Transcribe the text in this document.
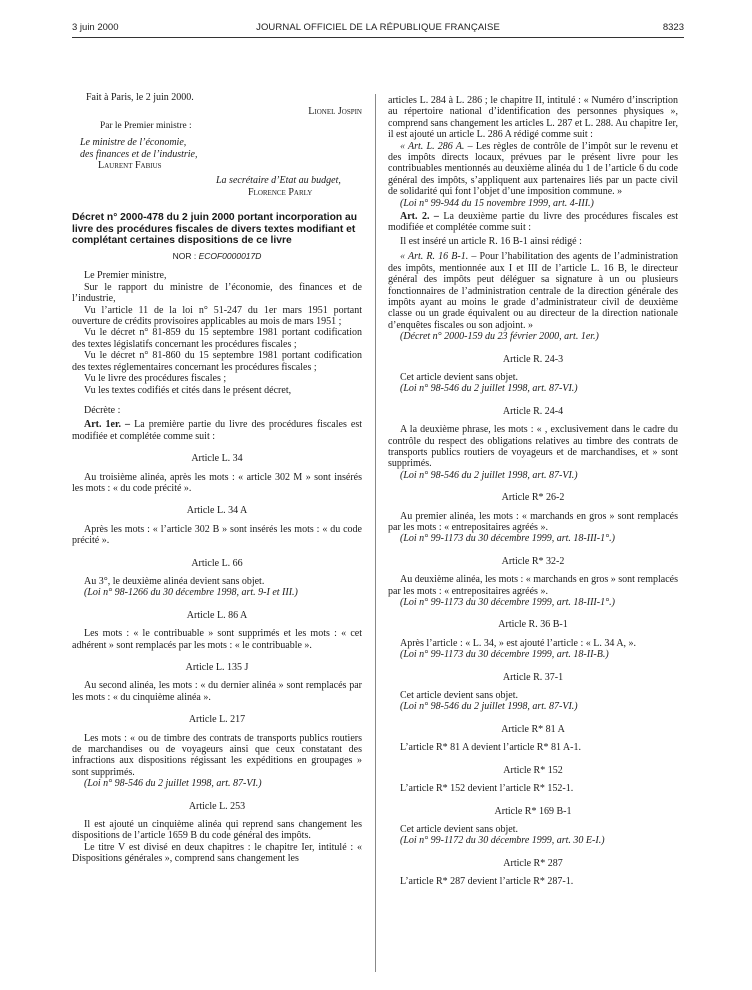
3 juin 2000	JOURNAL OFFICIEL DE LA RÉPUBLIQUE FRANÇAISE	8323

Fait à Paris, le 2 juin 2000.

Lionel Jospin

Par le Premier ministre :

Le ministre de l’économie,

des finances et de l’industrie,

Laurent Fabius

La secrétaire d’Etat au budget,

Florence Parly

Décret n° 2000-478 du 2 juin 2000 portant incorporation au livre des procédures fiscales de divers textes modifiant et complétant certaines dispositions de ce livre

NOR : ECOF0000017D

Le Premier ministre,

Sur le rapport du ministre de l’économie, des finances et de l’industrie,

Vu l’article 11 de la loi n° 51-247 du 1er mars 1951 portant ouverture de crédits provisoires applicables au mois de mars 1951 ;

Vu le décret n° 81-859 du 15 septembre 1981 portant codification des textes législatifs concernant les procédures fiscales ;

Vu le décret n° 81-860 du 15 septembre 1981 portant codification des textes réglementaires concernant les procédures fiscales ;

Vu le livre des procédures fiscales ;

Vu les textes codifiés et cités dans le présent décret,

Décrète :

Art. 1er. – La première partie du livre des procédures fiscales est modifiée et complétée comme suit :

Article L. 34

Au troisième alinéa, après les mots : « article 302 M » sont insérés les mots : « du code précité ».

Article L. 34 A

Après les mots : « l’article 302 B » sont insérés les mots : « du code précité ».

Article L. 66

Au 3°, le deuxième alinéa devient sans objet.

(Loi n° 98-1266 du 30 décembre 1998, art. 9-I et III.)

Article L. 86 A

Les mots : « le contribuable » sont supprimés et les mots : « cet adhérent » sont remplacés par les mots : « le contribuable ».

Article L. 135 J

Au second alinéa, les mots : « du dernier alinéa » sont remplacés par les mots : « du cinquième alinéa ».

Article L. 217

Les mots : « ou de timbre des contrats de transports publics routiers de marchandises ou de voyageurs ainsi que ceux constatant des infractions aux dispositions régissant les expéditions en groupages » sont supprimés.

(Loi n° 98-546 du 2 juillet 1998, art. 87-VI.)

Article L. 253

Il est ajouté un cinquième alinéa qui reprend sans changement les dispositions de l’article 1659 B du code général des impôts.

Le titre V est divisé en deux chapitres : le chapitre Ier, intitulé : « Dispositions générales », comprend sans changement les

articles L. 284 à L. 286 ; le chapitre II, intitulé : « Numéro d’inscription au répertoire national d’identification des personnes physiques », comprend sans changement les articles L. 287 et L. 288. Au chapitre Ier, il est ajouté un article L. 286 A rédigé comme suit :

« Art. L. 286 A. – Les règles de contrôle de l’impôt sur le revenu et des impôts directs locaux, prévues par le présent livre pour les contribuables mentionnés au deuxième alinéa du 1 de l’article 6 du code général des impôts, s’appliquent aux partenaires liés par un pacte civil de solidarité qui font l’objet d’une imposition commune. »

(Loi n° 99-944 du 15 novembre 1999, art. 4-III.)

Art. 2. – La deuxième partie du livre des procédures fiscales est modifiée et complétée comme suit :

Il est inséré un article R. 16 B-1 ainsi rédigé :

« Art. R. 16 B-1. – Pour l’habilitation des agents de l’administration des impôts, mentionnée aux I et III de l’article L. 16 B, le directeur général des impôts peut déléguer sa signature à un ou plusieurs fonctionnaires de l’administration centrale de la direction générale des impôts ayant au moins le grade d’administrateur civil de deuxième classe ou un grade équivalent ou au directeur de la direction nationale d’enquêtes fiscales ou son adjoint. »

(Décret n° 2000-159 du 23 février 2000, art. 1er.)

Article R. 24-3

Cet article devient sans objet.

(Loi n° 98-546 du 2 juillet 1998, art. 87-VI.)

Article R. 24-4

A la deuxième phrase, les mots : « , exclusivement dans le cadre du contrôle du respect des obligations relatives au timbre des contrats de transports publics routiers de voyageurs et de marchandises, et » sont supprimés.

(Loi n° 98-546 du 2 juillet 1998, art. 87-VI.)

Article R* 26-2

Au premier alinéa, les mots : « marchands en gros » sont remplacés par les mots : « entrepositaires agréés ».

(Loi n° 99-1173 du 30 décembre 1999, art. 18-III-1°.)

Article R* 32-2

Au deuxième alinéa, les mots : « marchands en gros » sont remplacés par les mots : « entrepositaires agréés ».

(Loi n° 99-1173 du 30 décembre 1999, art. 18-III-1°.)

Article R. 36 B-1

Après l’article : « L. 34, » est ajouté l’article : « L. 34 A, ».

(Loi n° 99-1173 du 30 décembre 1999, art. 18-II-B.)

Article R. 37-1

Cet article devient sans objet.

(Loi n° 98-546 du 2 juillet 1998, art. 87-VI.)

Article R* 81 A

L’article R* 81 A devient l’article R* 81 A-1.

Article R* 152

L’article R* 152 devient l’article R* 152-1.

Article R* 169 B-1

Cet article devient sans objet.

(Loi n° 99-1172 du 30 décembre 1999, art. 30 E-I.)

Article R* 287

L’article R* 287 devient l’article R* 287-1.
